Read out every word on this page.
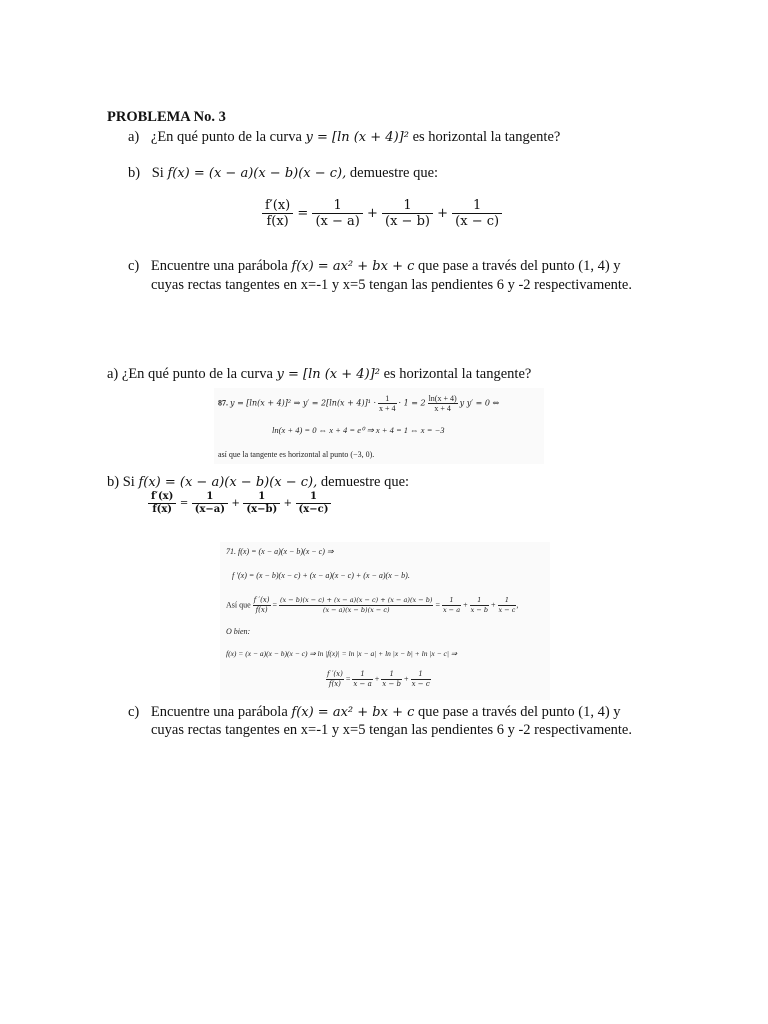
PROBLEMA No. 3
a) ¿En qué punto de la curva y = [ln (x + 4)]² es horizontal la tangente?
b) Si f(x) = (x − a)(x − b)(x − c), demuestre que:
$\frac{f'(x)}{f(x)} = \frac{1}{(x - a)} + \frac{1}{(x - b)} + \frac{1}{(x - c)}$
c) Encuentre una parábola f(x) = ax² + bx + c que pase a través del punto (1, 4) y
cuyas rectas tangentes en x=-1 y x=5 tengan las pendientes 6 y -2 respectivamente.
a) ¿En qué punto de la curva y = [ln (x + 4)]² es horizontal la tangente?
87. y = [ln(x + 4)]² ⇒ $y' = 2[\ln(x + 4)]^1 \cdot \frac{1}{x + 4} \cdot 1 = 2 \frac{\ln(x + 4)}{x + 4}$ y y′ = 0 ⇔
ln(x + 4) = 0 ⇔ x + 4 = e⁰ ⇒ x + 4 = 1 ⇔ x = −3
así que la tangente es horizontal al punto (−3, 0).
b) Si f(x) = (x − a)(x − b)(x − c), demuestre que:
$\frac{f'(x)}{f(x)} = \frac{1}{(x-a)} + \frac{1}{(x-b)} + \frac{1}{(x-c)}$
71. f(x) = (x − a)(x − b)(x − c) ⇒
f ′(x) = (x − b)(x − c) + (x − a)(x − c) + (x − a)(x − b).
Así que $\frac{f '(x)}{f(x)} = \frac{(x - b)(x - c) + (x - a)(x - c) + (x - a)(x - b)}{(x - a)(x - b)(x - c)} = \frac{1}{x - a} + \frac{1}{x - b} + \frac{1}{x - c}$ ,
O bien:
f(x) = (x − a)(x − b)(x − c) ⇒ ln |f(x)| = ln |x − a| + ln |x − b| + ln |x − c| ⇒
$\frac{f '(x)}{f(x)} = \frac{1}{x - a} + \frac{1}{x - b} + \frac{1}{x - c}$
c) Encuentre una parábola f(x) = ax² + bx + c que pase a través del punto (1, 4) y
cuyas rectas tangentes en x=-1 y x=5 tengan las pendientes 6 y -2 respectivamente.
